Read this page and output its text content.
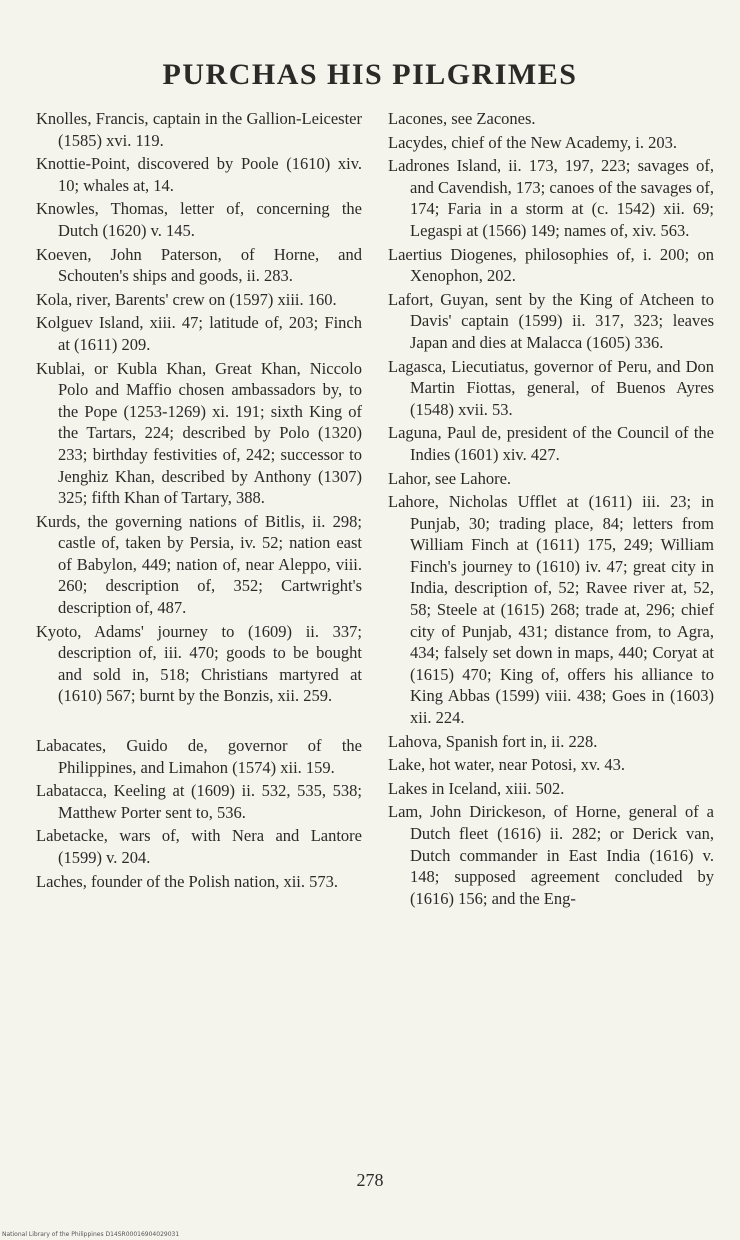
PURCHAS HIS PILGRIMES

Knolles, Francis, captain in the Gallion-Leicester (1585) xvi. 119.

Knottie-Point, discovered by Poole (1610) xiv. 10; whales at, 14.

Knowles, Thomas, letter of, concerning the Dutch (1620) v. 145.

Koeven, John Paterson, of Horne, and Schouten's ships and goods, ii. 283.

Kola, river, Barents' crew on (1597) xiii. 160.

Kolguev Island, xiii. 47; latitude of, 203; Finch at (1611) 209.

Kublai, or Kubla Khan, Great Khan, Niccolo Polo and Maffio chosen ambassadors by, to the Pope (1253-1269) xi. 191; sixth King of the Tartars, 224; described by Polo (1320) 233; birthday festivities of, 242; successor to Jenghiz Khan, described by Anthony (1307) 325; fifth Khan of Tartary, 388.

Kurds, the governing nations of Bitlis, ii. 298; castle of, taken by Persia, iv. 52; nation east of Babylon, 449; nation of, near Aleppo, viii. 260; description of, 352; Cartwright's description of, 487.

Kyoto, Adams' journey to (1609) ii. 337; description of, iii. 470; goods to be bought and sold in, 518; Christians martyred at (1610) 567; burnt by the Bonzis, xii. 259.

Labacates, Guido de, governor of the Philippines, and Limahon (1574) xii. 159.

Labatacca, Keeling at (1609) ii. 532, 535, 538; Matthew Porter sent to, 536.

Labetacke, wars of, with Nera and Lantore (1599) v. 204.

Laches, founder of the Polish nation, xii. 573.

Lacones, see Zacones.

Lacydes, chief of the New Academy, i. 203.

Ladrones Island, ii. 173, 197, 223; savages of, and Cavendish, 173; canoes of the savages of, 174; Faria in a storm at (c. 1542) xii. 69; Legaspi at (1566) 149; names of, xiv. 563.

Laertius Diogenes, philosophies of, i. 200; on Xenophon, 202.

Lafort, Guyan, sent by the King of Atcheen to Davis' captain (1599) ii. 317, 323; leaves Japan and dies at Malacca (1605) 336.

Lagasca, Liecutiatus, governor of Peru, and Don Martin Fiottas, general, of Buenos Ayres (1548) xvii. 53.

Laguna, Paul de, president of the Council of the Indies (1601) xiv. 427.

Lahor, see Lahore.

Lahore, Nicholas Ufflet at (1611) iii. 23; in Punjab, 30; trading place, 84; letters from William Finch at (1611) 175, 249; William Finch's journey to (1610) iv. 47; great city in India, description of, 52; Ravee river at, 52, 58; Steele at (1615) 268; trade at, 296; chief city of Punjab, 431; distance from, to Agra, 434; falsely set down in maps, 440; Coryat at (1615) 470; King of, offers his alliance to King Abbas (1599) viii. 438; Goes in (1603) xii. 224.

Lahova, Spanish fort in, ii. 228.

Lake, hot water, near Potosi, xv. 43.

Lakes in Iceland, xiii. 502.

Lam, John Dirickeson, of Horne, general of a Dutch fleet (1616) ii. 282; or Derick van, Dutch commander in East India (1616) v. 148; supposed agreement concluded by (1616) 156; and the Eng-

278
National Library of the Philippines D14SR00016904029031
